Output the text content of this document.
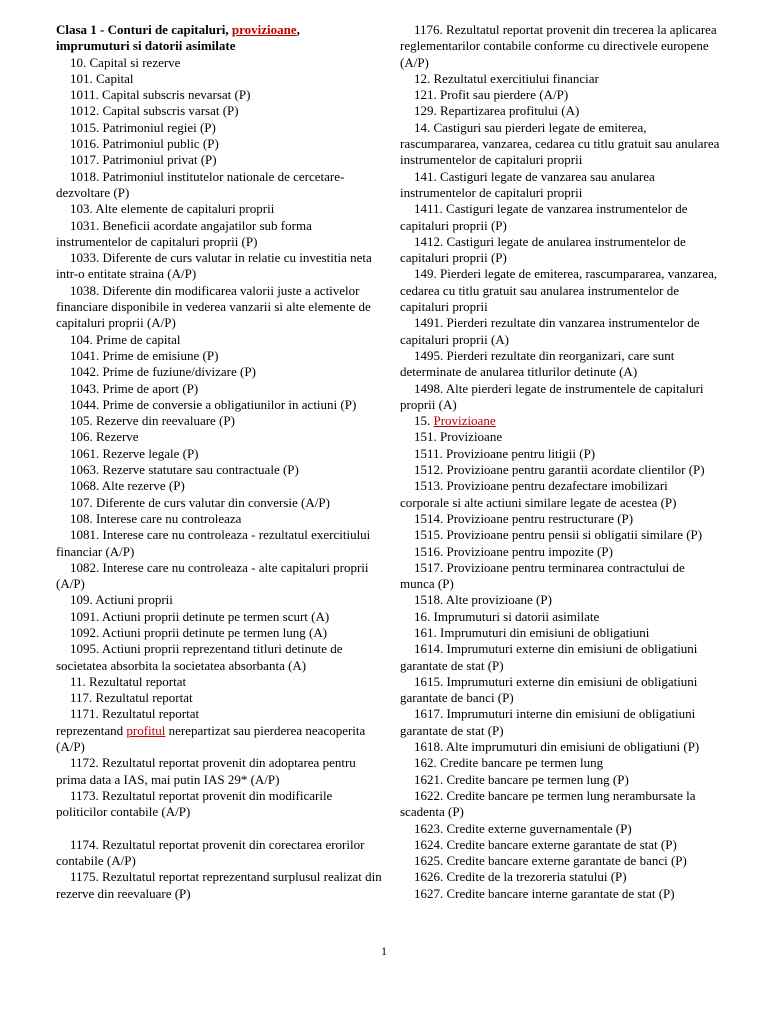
Clasa 1 - Conturi de capitaluri, provizioane,
imprumuturi si datorii asimilate

10. Capital si rezerve

101. Capital

1011. Capital subscris nevarsat (P)

1012. Capital subscris varsat (P)

1015. Patrimoniul regiei (P)

1016. Patrimoniul public (P)

1017. Patrimoniul privat (P)

1018. Patrimoniul institutelor nationale de cercetare-dezvoltare (P)

103. Alte elemente de capitaluri proprii

1031. Beneficii acordate angajatilor sub forma instrumentelor de capitaluri proprii (P)

1033. Diferente de curs valutar in relatie cu investitia neta intr-o entitate straina (A/P)

1038. Diferente din modificarea valorii juste a activelor financiare disponibile in vederea vanzarii si alte elemente de capitaluri proprii (A/P)

104. Prime de capital

1041. Prime de emisiune (P)

1042. Prime de fuziune/divizare (P)

1043. Prime de aport (P)

1044. Prime de conversie a obligatiunilor in actiuni (P)

105. Rezerve din reevaluare (P)

106. Rezerve

1061. Rezerve legale (P)

1063. Rezerve statutare sau contractuale (P)

1068. Alte rezerve (P)

107. Diferente de curs valutar din conversie (A/P)

108. Interese care nu controleaza

1081. Interese care nu controleaza - rezultatul exercitiului financiar (A/P)

1082. Interese care nu controleaza - alte capitaluri proprii (A/P)

109. Actiuni proprii

1091. Actiuni proprii detinute pe termen scurt (A)

1092. Actiuni proprii detinute pe termen lung (A)

1095. Actiuni proprii reprezentand titluri detinute de societatea absorbita la societatea absorbanta (A)

11. Rezultatul reportat

117. Rezultatul reportat

1171. Rezultatul reportat

reprezentand profitul nerepartizat sau pierderea neacoperita (A/P)

1172. Rezultatul reportat provenit din adoptarea pentru prima data a IAS, mai putin IAS 29* (A/P)

1173. Rezultatul reportat provenit din modificarile politicilor contabile (A/P)

1174. Rezultatul reportat provenit din corectarea erorilor contabile (A/P)

1175. Rezultatul reportat reprezentand surplusul realizat din rezerve din reevaluare (P)

1176. Rezultatul reportat provenit din trecerea la aplicarea reglementarilor contabile conforme cu directivele europene (A/P)

12. Rezultatul exercitiului financiar

121. Profit sau pierdere (A/P)

129. Repartizarea profitului (A)

14. Castiguri sau pierderi legate de emiterea, rascumpararea, vanzarea, cedarea cu titlu gratuit sau anularea instrumentelor de capitaluri proprii

141. Castiguri legate de vanzarea sau anularea instrumentelor de capitaluri proprii

1411. Castiguri legate de vanzarea instrumentelor de capitaluri proprii (P)

1412. Castiguri legate de anularea instrumentelor de capitaluri proprii (P)

149. Pierderi legate de emiterea, rascumpararea, vanzarea, cedarea cu titlu gratuit sau anularea instrumentelor de capitaluri proprii

1491. Pierderi rezultate din vanzarea instrumentelor de capitaluri proprii (A)

1495. Pierderi rezultate din reorganizari, care sunt determinate de anularea titlurilor detinute (A)

1498. Alte pierderi legate de instrumentele de capitaluri proprii (A)

15. Provizioane

151. Provizioane

1511. Provizioane pentru litigii (P)

1512. Provizioane pentru garantii acordate clientilor (P)

1513. Provizioane pentru dezafectare imobilizari corporale si alte actiuni similare legate de acestea (P)

1514. Provizioane pentru restructurare (P)

1515. Provizioane pentru pensii si obligatii similare (P)

1516. Provizioane pentru impozite (P)

1517. Provizioane pentru terminarea contractului de munca (P)

1518. Alte provizioane (P)

16. Imprumuturi si datorii asimilate

161. Imprumuturi din emisiuni de obligatiuni

1614. Imprumuturi externe din emisiuni de obligatiuni garantate de stat (P)

1615. Imprumuturi externe din emisiuni de obligatiuni garantate de banci (P)

1617. Imprumuturi interne din emisiuni de obligatiuni garantate de stat (P)

1618. Alte imprumuturi din emisiuni de obligatiuni (P)

162. Credite bancare pe termen lung

1621. Credite bancare pe termen lung (P)

1622. Credite bancare pe termen lung nerambursate la scadenta (P)

1623. Credite externe guvernamentale (P)

1624. Credite bancare externe garantate de stat (P)

1625. Credite bancare externe garantate de banci (P)

1626. Credite de la trezoreria statului (P)

1627. Credite bancare interne garantate de stat (P)

1
